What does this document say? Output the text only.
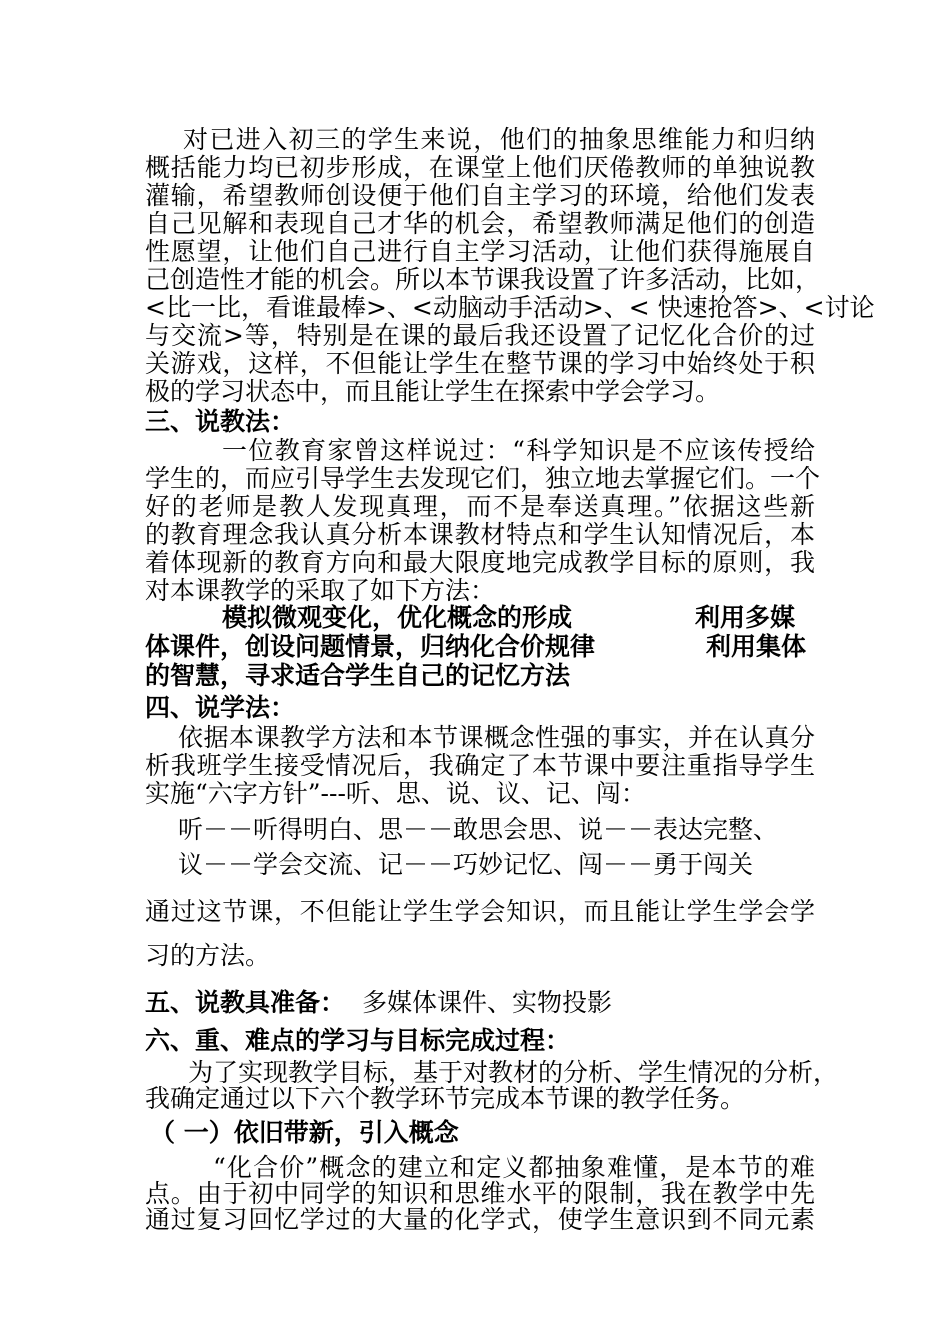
对已进入初三的学生来说，他们的抽象思维能力和归纳
概括能力均已初步形成，在课堂上他们厌倦教师的单独说教
灌输，希望教师创设便于他们自主学习的环境，给他们发表
自己见解和表现自己才华的机会，希望教师满足他们的创造
性愿望，让他们自己进行自主学习活动，让他们获得施展自
己创造性才能的机会。所以本节课我设置了许多活动，比如，
<比一比，看谁最棒>、<动脑动手活动>、< 快速抢答>、<讨论
与交流>等，特别是在课的最后我还设置了记忆化合价的过
关游戏，这样，不但能让学生在整节课的学习中始终处于积
极的学习状态中，而且能让学生在探索中学会学习。
三、说教法：
一位教育家曾这样说过：“科学知识是不应该传授给
学生的，而应引导学生去发现它们，独立地去掌握它们。一个
好的老师是教人发现真理，而不是奉送真理。”依据这些新
的教育理念我认真分析本课教材特点和学生认知情况后，本
着体现新的教育方向和最大限度地完成教学目标的原则，我
对本课教学的采取了如下方法：
模拟微观变化，优化概念的形成	利用多媒
体课件，创设问题情景，归纳化合价规律	利用集体
的智慧，寻求适合学生自己的记忆方法
四、说学法：
依据本课教学方法和本节课概念性强的事实，并在认真分
析我班学生接受情况后，我确定了本节课中要注重指导学生
实施“六字方针”---听、思、说、议、记、闯：
听－－听得明白、思－－敢思会思、说－－表达完整、
议－－学会交流、记－－巧妙记忆、闯－－勇于闯关
通过这节课，不但能让学生学会知识，而且能让学生学会学
习的方法。
五、说教具准备： 多媒体课件、实物投影
六、重、难点的学习与目标完成过程：
为了实现教学目标，基于对教材的分析、学生情况的分析，
我确定通过以下六个教学环节完成本节课的教学任务。
（ 一）依旧带新，引入概念
“化合价”概念的建立和定义都抽象难懂，是本节的难
点。由于初中同学的知识和思维水平的限制，我在教学中先
通过复习回忆学过的大量的化学式，使学生意识到不同元素
